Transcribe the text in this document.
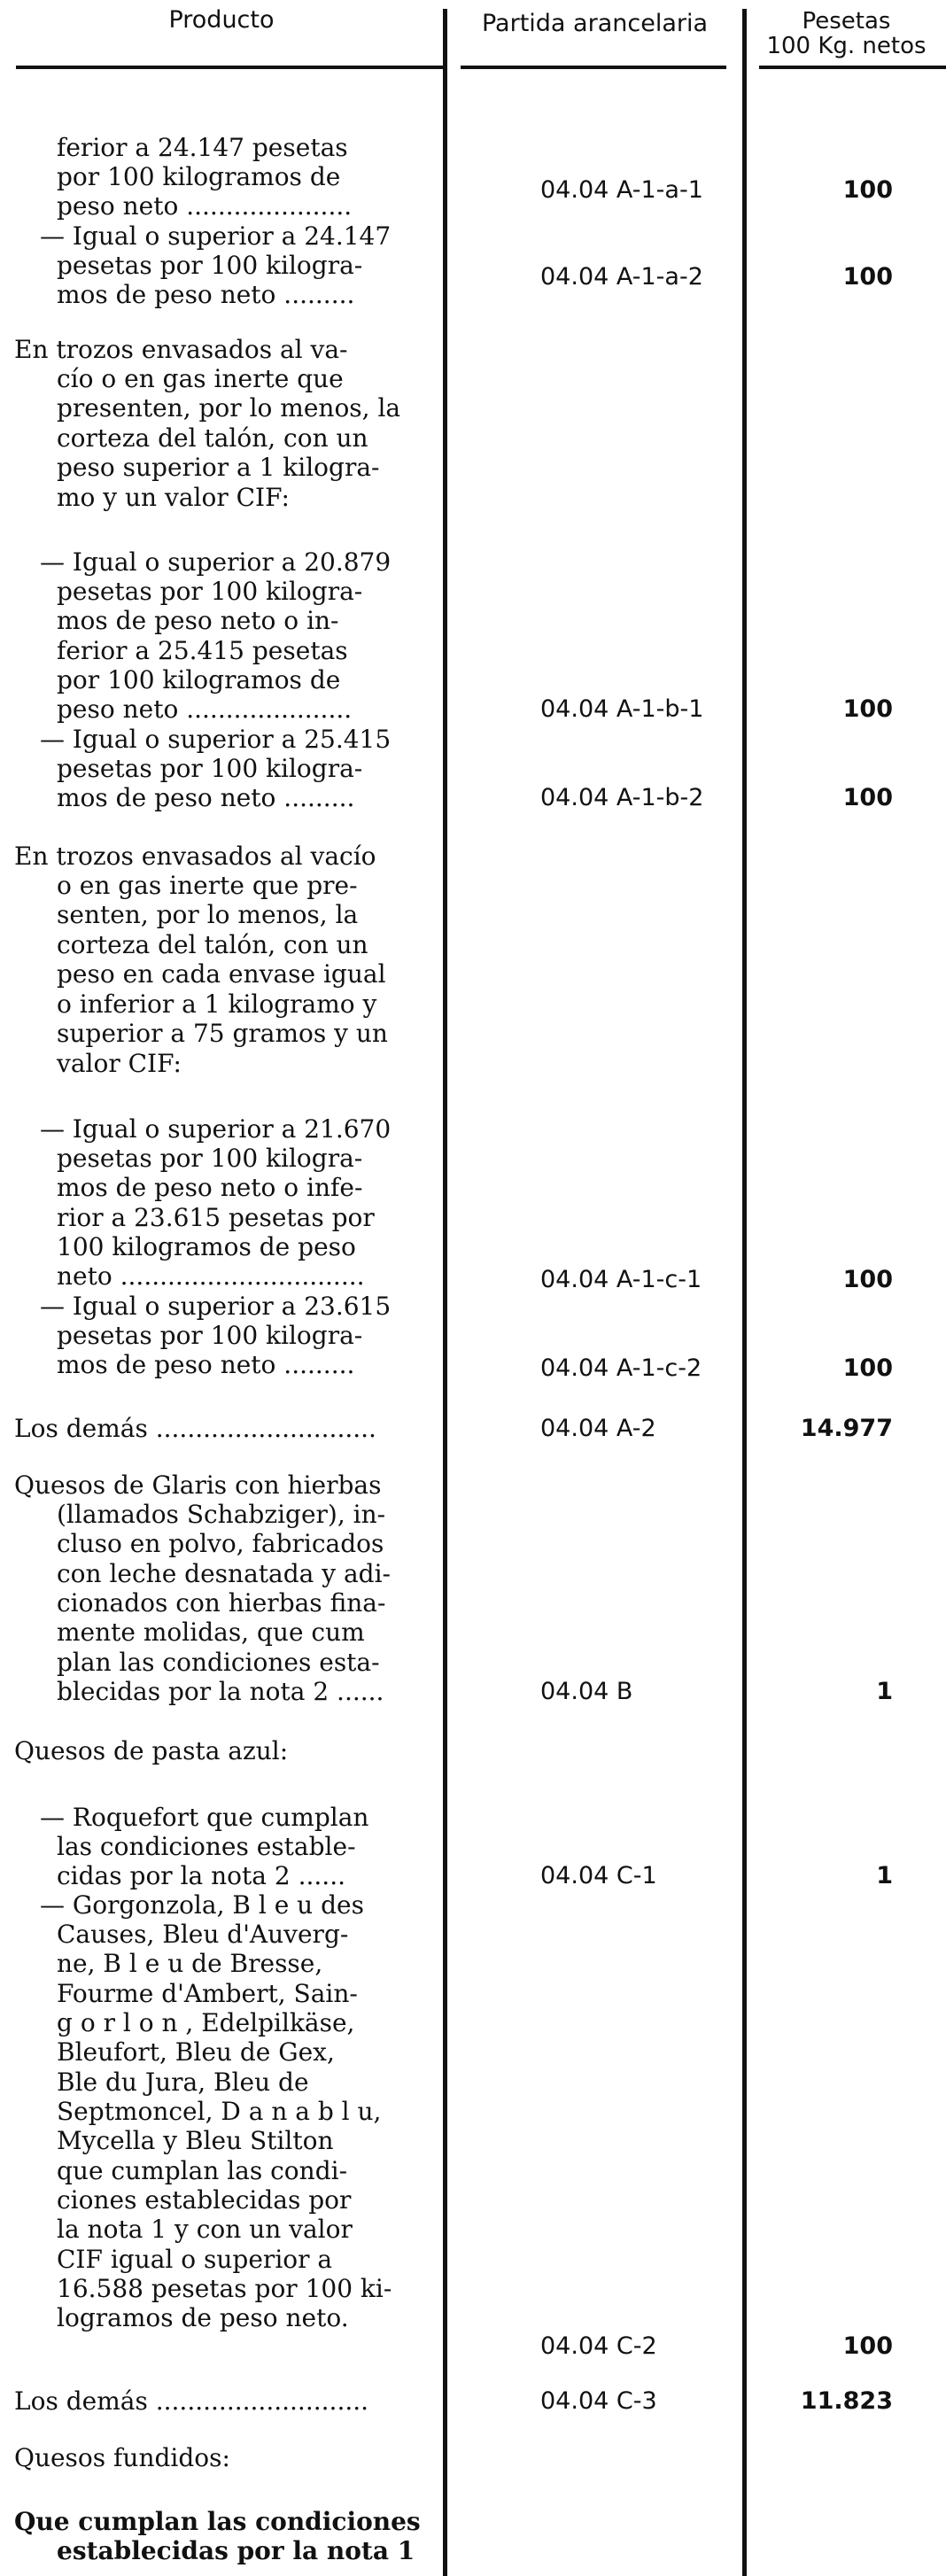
Producto	Partida arancelaria	Pesetas
100 Kg. netos
ferior a 24.147 pesetas
por 100 kilogramos de
peso neto .....................
04.04 A-1-a-1	100
— Igual o superior a 24.147
pesetas por 100 kilogra-
mos de peso neto .........
04.04 A-1-a-2	100
En trozos envasados al va-
cío o en gas inerte que
presenten, por lo menos, la
corteza del talón, con un
peso superior a 1 kilogra-
mo y un valor CIF:
— Igual o superior a 20.879
pesetas por 100 kilogra-
mos de peso neto o in-
ferior a 25.415 pesetas
por 100 kilogramos de
peso neto .....................	04.04 A-1-b-1	100
— Igual o superior a 25.415
pesetas por 100 kilogra-
mos de peso neto .........	04.04 A-1-b-2	100
En trozos envasados al vacío
o en gas inerte que pre-
senten, por lo menos, la
corteza del talón, con un
peso en cada envase igual
o inferior a 1 kilogramo y
superior a 75 gramos y un
valor CIF:
— Igual o superior a 21.670
pesetas por 100 kilogra-
mos de peso neto o infe-
rior a 23.615 pesetas por
100 kilogramos de peso
neto ...............................	04.04 A-1-c-1	100
— Igual o superior a 23.615
pesetas por 100 kilogra-
mos de peso neto .........	04.04 A-1-c-2	100
Los demás ............................	04.04 A-2	14.977
Quesos de Glaris con hierbas
(llamados Schabziger), in-
cluso en polvo, fabricados
con leche desnatada y adi-
cionados con hierbas fina-
mente molidas, que cum
plan las condiciones esta-
blecidas por la nota 2 ......	04.04 B	1
Quesos de pasta azul:
— Roquefort que cumplan
las condiciones estable-
cidas por la nota 2 ......	04.04 C-1	1
— Gorgonzola, B l e u des
Causes, Bleu d'Auverg-
ne, B l e u de Bresse,
Fourme d'Ambert, Sain-
g o r l o n , Edelpilkäse,
Bleufort, Bleu de Gex,
Ble du Jura, Bleu de
Septmoncel, D a n a b l u,
Mycella y Bleu Stilton
que cumplan las condi-
ciones establecidas por
la nota 1 y con un valor
CIF igual o superior a
16.588 pesetas por 100 ki-
logramos de peso neto.
04.04 C-2	100
Los demás ...........................	04.04 C-3	11.823
Quesos fundidos:
Que cumplan las condiciones
establecidas por la nota 1
